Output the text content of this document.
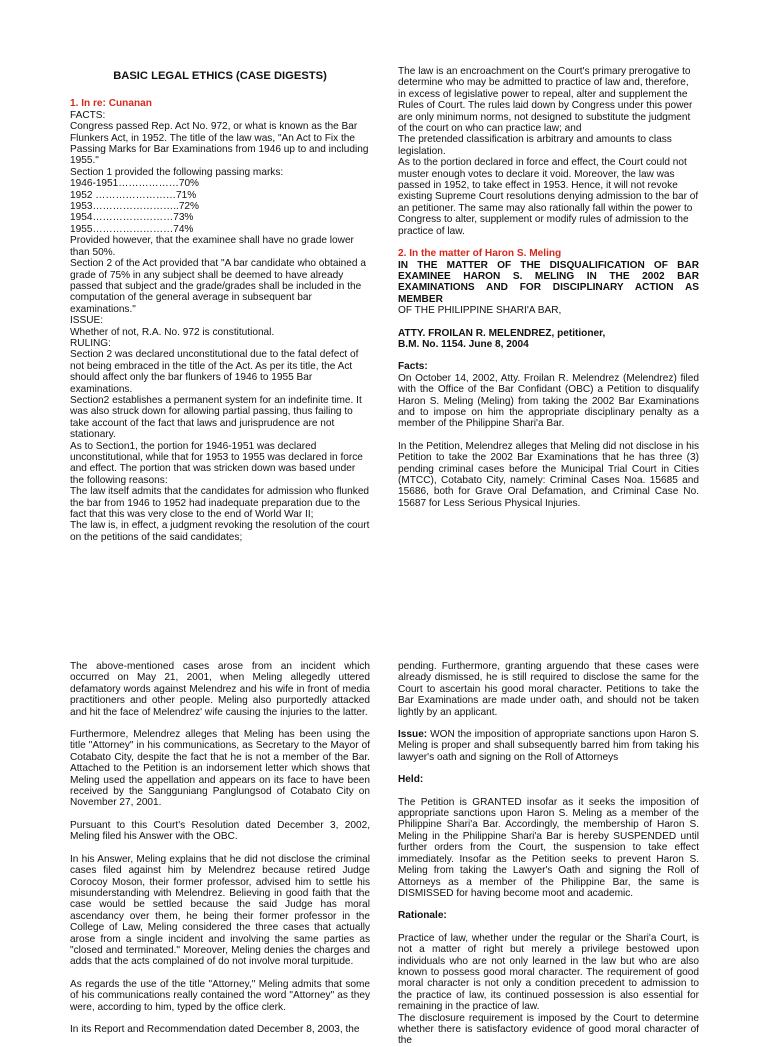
BASIC LEGAL ETHICS (CASE DIGESTS)

1. In re: Cunanan

FACTS:

Congress passed Rep. Act No. 972, or what is known as the Bar Flunkers Act, in 1952. The title of the law was, "An Act to Fix the Passing Marks for Bar Examinations from 1946 up to and including 1955."

Section 1 provided the following passing marks:

1946-1951………………70%

1952 ……………………71%

1953……………………..72%

1954……………………73%

1955……………………74%

Provided however, that the examinee shall have no grade lower than 50%.

Section 2 of the Act provided that "A bar candidate who obtained a grade of 75% in any subject shall be deemed to have already passed that subject and the grade/grades shall be included in the computation of the general average in subsequent bar examinations."

ISSUE:

Whether of not, R.A. No. 972 is constitutional.

RULING:

Section 2 was declared unconstitutional due to the fatal defect of not being embraced in the title of the Act. As per its title, the Act should affect only the bar flunkers of 1946 to 1955 Bar examinations.

Section2 establishes a permanent system for an indefinite time. It was also struck down for allowing partial passing, thus failing to take account of the fact that laws and jurisprudence are not stationary.

As to Section1, the portion for 1946-1951 was declared unconstitutional, while that for 1953 to 1955 was declared in force and effect. The portion that was stricken down was based under the following reasons:

The law itself admits that the candidates for admission who flunked the bar from 1946 to 1952 had inadequate preparation due to the fact that this was very close to the end of World War II;

The law is, in effect, a judgment revoking the resolution of the court on the petitions of the said candidates;

The law is an encroachment on the Court's primary prerogative to determine who may be admitted to practice of law and, therefore, in excess of legislative power to repeal, alter and supplement the Rules of Court. The rules laid down by Congress under this power are only minimum norms, not designed to substitute the judgment of the court on who can practice law; and

The pretended classification is arbitrary and amounts to class legislation.

As to the portion declared in force and effect, the Court could not muster enough votes to declare it void. Moreover, the law was passed in 1952, to take effect in 1953. Hence, it will not revoke existing Supreme Court resolutions denying admission to the bar of an petitioner. The same may also rationally fall within the power to Congress to alter, supplement or modify rules of admission to the practice of law.

2. In the matter of Haron S. Meling

IN THE MATTER OF THE DISQUALIFICATION OF BAR EXAMINEE HARON S. MELING IN THE 2002 BAR EXAMINATIONS AND FOR DISCIPLINARY ACTION AS MEMBER

OF THE PHILIPPINE SHARI'A BAR,

ATTY. FROILAN R. MELENDREZ, petitioner,

B.M. No. 1154. June 8, 2004

Facts:

On October 14, 2002, Atty. Froilan R. Melendrez (Melendrez) filed with the Office of the Bar Confidant (OBC) a Petition to disqualify Haron S. Meling (Meling) from taking the 2002 Bar Examinations and to impose on him the appropriate disciplinary penalty as a member of the Philippine Shari'a Bar.

In the Petition, Melendrez alleges that Meling did not disclose in his Petition to take the 2002 Bar Examinations that he has three (3) pending criminal cases before the Municipal Trial Court in Cities (MTCC), Cotabato City, namely: Criminal Cases Noa. 15685 and 15686, both for Grave Oral Defamation, and Criminal Case No. 15687 for Less Serious Physical Injuries.

The above-mentioned cases arose from an incident which occurred on May 21, 2001, when Meling allegedly uttered defamatory words against Melendrez and his wife in front of media practitioners and other people. Meling also purportedly attacked and hit the face of Melendrez' wife causing the injuries to the latter.

Furthermore, Melendrez alleges that Meling has been using the title "Attorney" in his communications, as Secretary to the Mayor of Cotabato City, despite the fact that he is not a member of the Bar. Attached to the Petition is an indorsement letter which shows that Meling used the appellation and appears on its face to have been received by the Sangguniang Panglungsod of Cotabato City on November 27, 2001.

Pursuant to this Court's Resolution dated December 3, 2002, Meling filed his Answer with the OBC.

In his Answer, Meling explains that he did not disclose the criminal cases filed against him by Melendrez because retired Judge Corocoy Moson, their former professor, advised him to settle his misunderstanding with Melendrez. Believing in good faith that the case would be settled because the said Judge has moral ascendancy over them, he being their former professor in the College of Law, Meling considered the three cases that actually arose from a single incident and involving the same parties as "closed and terminated." Moreover, Meling denies the charges and adds that the acts complained of do not involve moral turpitude.

As regards the use of the title "Attorney," Meling admits that some of his communications really contained the word "Attorney" as they were, according to him, typed by the office clerk.

In its Report and Recommendation dated December 8, 2003, the

pending. Furthermore, granting arguendo that these cases were already dismissed, he is still required to disclose the same for the Court to ascertain his good moral character. Petitions to take the Bar Examinations are made under oath, and should not be taken lightly by an applicant.

Issue: WON the imposition of appropriate sanctions upon Haron S. Meling is proper and shall subsequently barred him from taking his lawyer's oath and signing on the Roll of Attorneys

Held:

The Petition is GRANTED insofar as it seeks the imposition of appropriate sanctions upon Haron S. Meling as a member of the Philippine Shari'a Bar. Accordingly, the membership of Haron S. Meling in the Philippine Shari'a Bar is hereby SUSPENDED until further orders from the Court, the suspension to take effect immediately. Insofar as the Petition seeks to prevent Haron S. Meling from taking the Lawyer's Oath and signing the Roll of Attorneys as a member of the Philippine Bar, the same is DISMISSED for having become moot and academic.

Rationale:

Practice of law, whether under the regular or the Shari'a Court, is not a matter of right but merely a privilege bestowed upon individuals who are not only learned in the law but who are also known to possess good moral character. The requirement of good moral character is not only a condition precedent to admission to the practice of law, its continued possession is also essential for remaining in the practice of law.

The disclosure requirement is imposed by the Court to determine whether there is satisfactory evidence of good moral character of the
